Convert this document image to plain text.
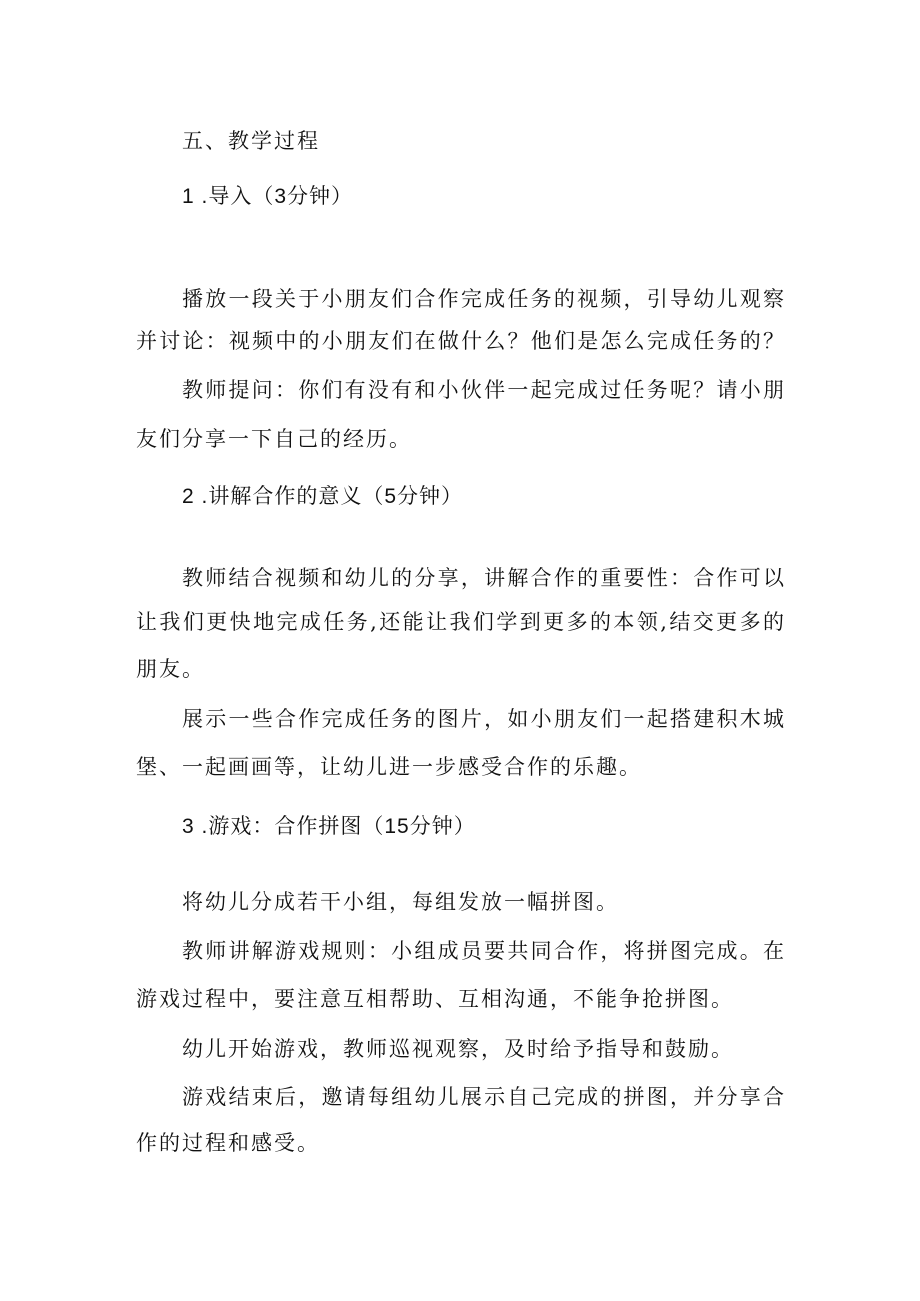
五、教学过程

1 .导入（3分钟）

播放一段关于小朋友们合作完成任务的视频，引导幼儿观察

并讨论：视频中的小朋友们在做什么？他们是怎么完成任务的？

教师提问：你们有没有和小伙伴一起完成过任务呢？请小朋

友们分享一下自己的经历。

2 .讲解合作的意义（5分钟）

教师结合视频和幼儿的分享，讲解合作的重要性：合作可以

让我们更快地完成任务,还能让我们学到更多的本领,结交更多的

朋友。

展示一些合作完成任务的图片，如小朋友们一起搭建积木城

堡、一起画画等，让幼儿进一步感受合作的乐趣。

3 .游戏：合作拼图（15分钟）

将幼儿分成若干小组，每组发放一幅拼图。

教师讲解游戏规则：小组成员要共同合作，将拼图完成。在

游戏过程中，要注意互相帮助、互相沟通，不能争抢拼图。

幼儿开始游戏，教师巡视观察，及时给予指导和鼓励。

游戏结束后，邀请每组幼儿展示自己完成的拼图，并分享合

作的过程和感受。
